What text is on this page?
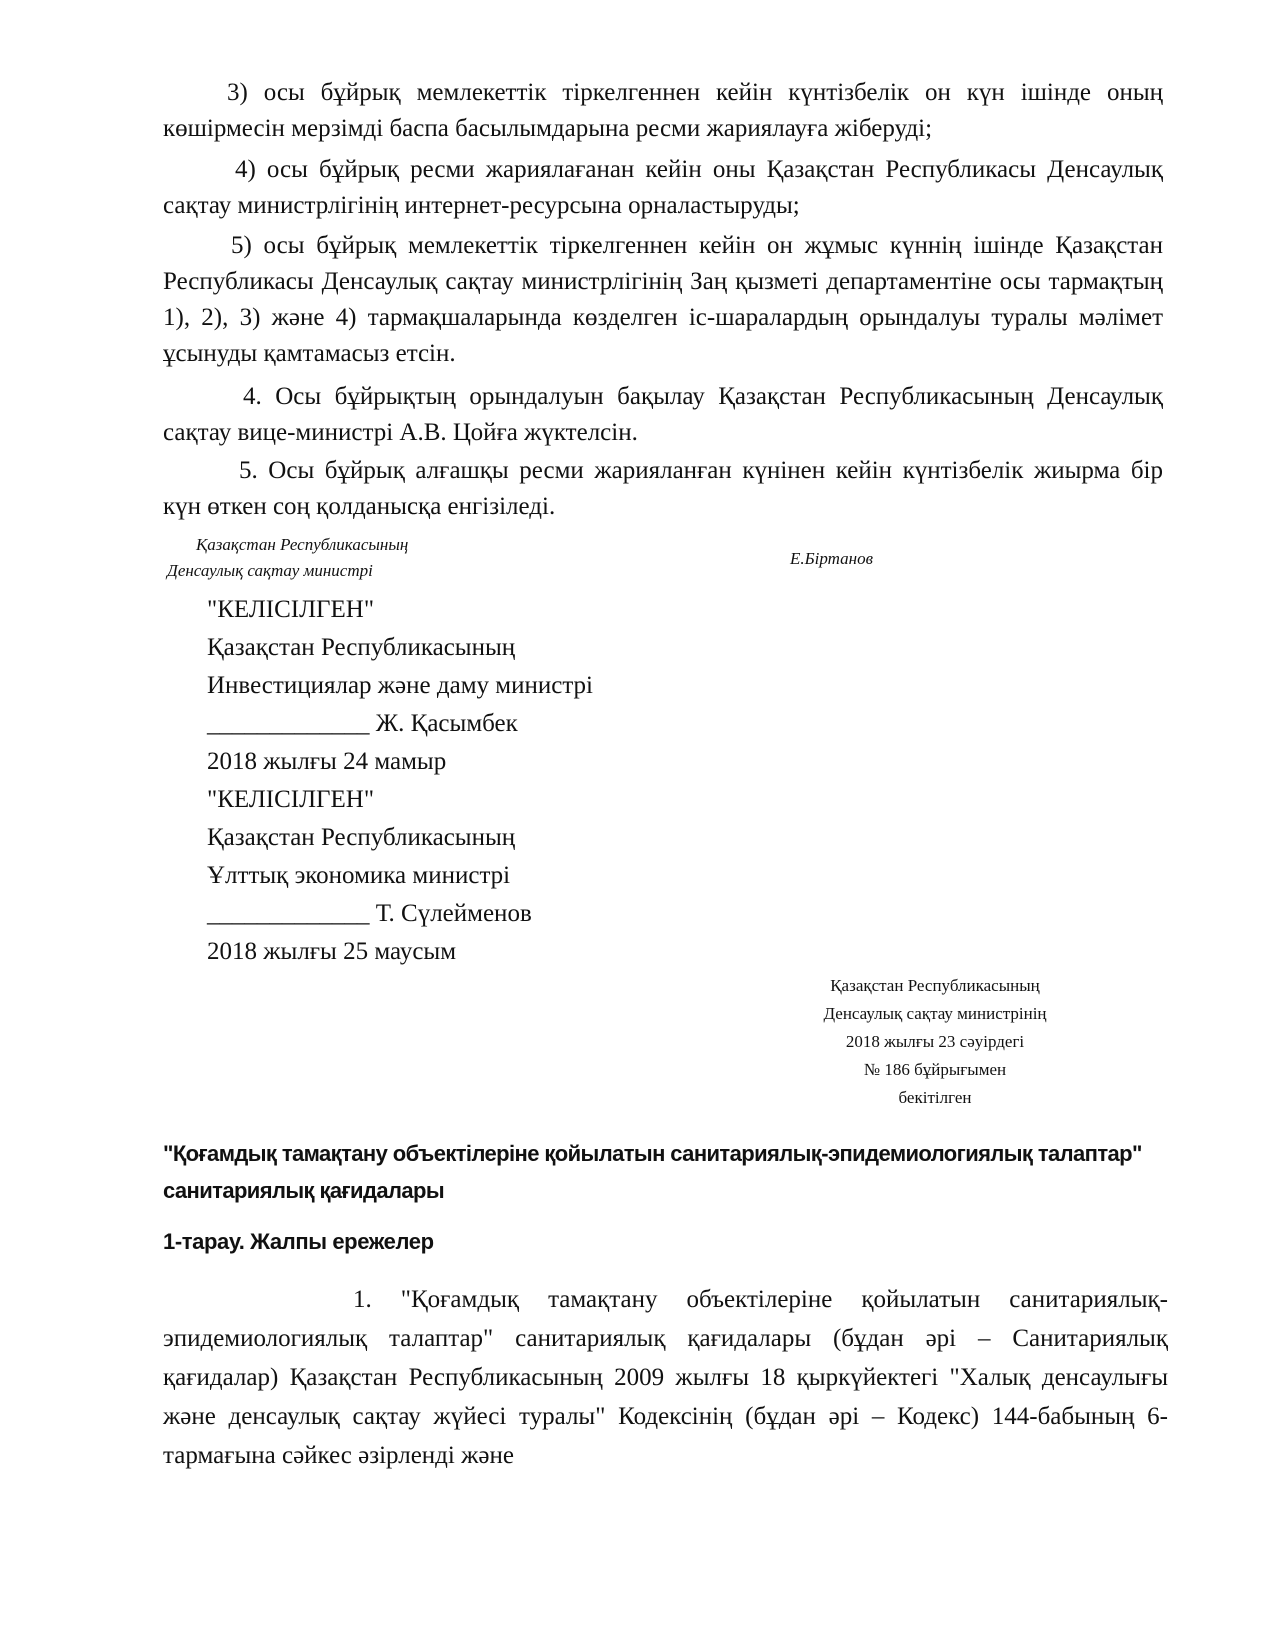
3) осы бұйрық мемлекеттік тіркелгеннен кейін күнтізбелік он күн ішінде оның көшірмесін мерзімді баспа басылымдарына ресми жариялауға жіберуді;

4) осы бұйрық ресми жариялағанан кейін оны Қазақстан Республикасы Денсаулық сақтау министрлігінің интернет-ресурсына орналастыруды;

5) осы бұйрық мемлекеттік тіркелгеннен кейін он жұмыс күннің ішінде Қазақстан Республикасы Денсаулық сақтау министрлігінің Заң қызметі департаментіне осы тармақтың 1), 2), 3) және 4) тармақшаларында көзделген іс-шаралардың орындалуы туралы мәлімет ұсынуды қамтамасыз етсін.

4. Осы бұйрықтың орындалуын бақылау Қазақстан Республикасының Денсаулық сақтау вице-министрі А.В. Цойға жүктелсін.

5. Осы бұйрық алғашқы ресми жарияланған күнінен кейін күнтізбелік жиырма бір күн өткен соң қолданысқа енгізіледі.

Қазақстан Республикасының
Денсаулық сақтау министрі
Е.Біртанов
"КЕЛІСІЛГЕН"
Қазақстан Республикасының
Инвестициялар және даму министрі
_____________ Ж. Қасымбек
2018 жылғы 24 мамыр
"КЕЛІСІЛГЕН"
Қазақстан Республикасының
Ұлттық экономика министрі
_____________ Т. Сүлейменов
2018 жылғы 25 маусым
Қазақстан Республикасының
Денсаулық сақтау министрінің
2018 жылғы 23 сәуірдегі
№ 186 бұйрығымен
бекітілген
"Қоғамдық тамақтану объектілеріне қойылатын санитариялық-эпидемиологиялық талаптар" санитариялық қағидалары
1-тарау. Жалпы ережелер

1. "Қоғамдық тамақтану объектілеріне қойылатын санитариялық-эпидемиологиялық талаптар" санитариялық қағидалары (бұдан әрі – Санитариялық қағидалар) Қазақстан Республикасының 2009 жылғы 18 қыркүйектегі "Халық денсаулығы және денсаулық сақтау жүйесі туралы" Кодексінің (бұдан әрі – Кодекс) 144-бабының 6-тармағына сәйкес әзірленді және
